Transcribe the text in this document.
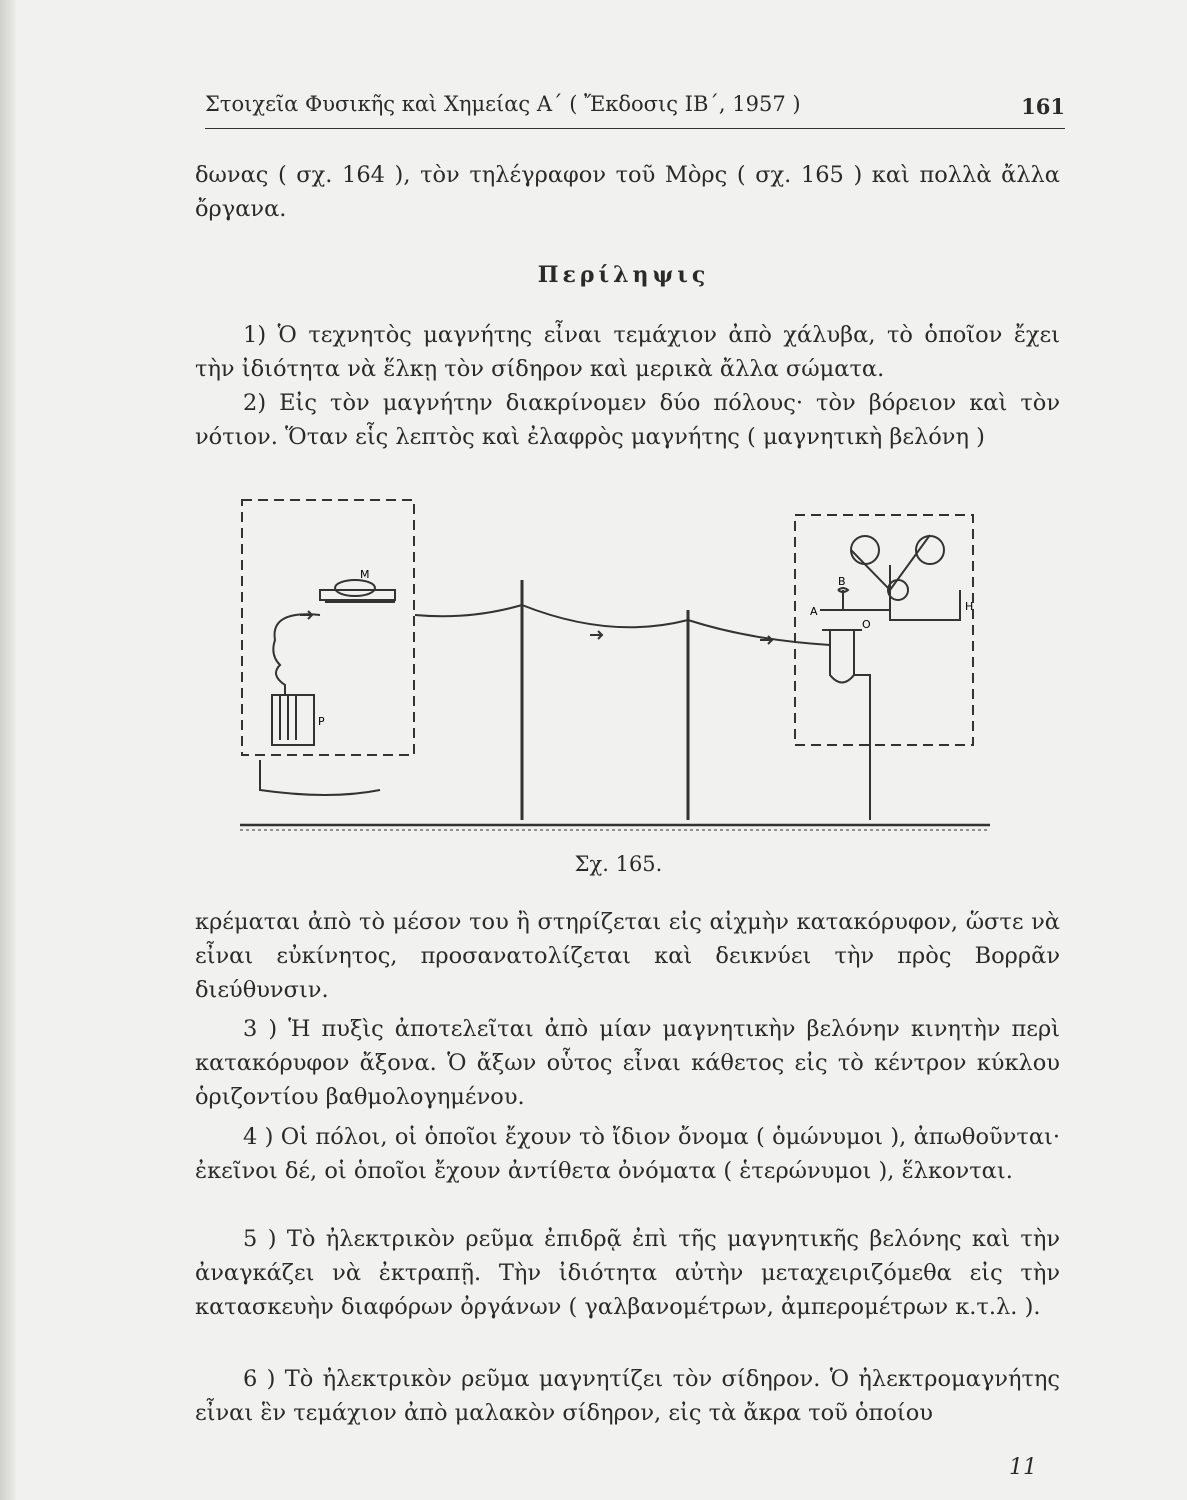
Στοιχεῖα Φυσικῆς καὶ Χημείας Α΄ ( Ἔκδοσις ΙΒ΄, 1957 )	161
δωνας ( σχ. 164 ), τὸν τηλέγραφον τοῦ Μὸρς ( σχ. 165 ) καὶ πολλὰ ἄλλα ὄργανα.
Περίληψις
1) Ὁ τεχνητὸς μαγνήτης εἶναι τεμάχιον ἀπὸ χάλυβα, τὸ ὁποῖον ἔχει τὴν ἰδιότητα νὰ ἕλκῃ τὸν σίδηρον καὶ μερικὰ ἄλλα σώματα.
2) Εἰς τὸν μαγνήτην διακρίνομεν δύο πόλους· τὸν βόρειον καὶ τὸν νότιον. Ὅταν εἷς λεπτὸς καὶ ἐλαφρὸς μαγνήτης ( μαγνητικὴ βελόνη )
M
P
B
A
O
H
Σχ. 165.
κρέμαται ἀπὸ τὸ μέσον του ἢ στηρίζεται εἰς αἰχμὴν κατακόρυφον, ὥστε νὰ εἶναι εὐκίνητος, προσανατολίζεται καὶ δεικνύει τὴν πρὸς Βορρᾶν διεύθυνσιν.
3 ) Ἡ πυξὶς ἀποτελεῖται ἀπὸ μίαν μαγνητικὴν βελόνην κινητὴν περὶ κατακόρυφον ἄξονα. Ὁ ἄξων οὗτος εἶναι κάθετος εἰς τὸ κέντρον κύκλου ὁριζοντίου βαθμολογημένου.
4 ) Οἱ πόλοι, οἱ ὁποῖοι ἔχουν τὸ ἴδιον ὄνομα ( ὁμώνυμοι ), ἀπωθοῦνται· ἐκεῖνοι δέ, οἱ ὁποῖοι ἔχουν ἀντίθετα ὀνόματα ( ἑτερώνυμοι ), ἕλκονται.
5 ) Τὸ ἠλεκτρικὸν ρεῦμα ἐπιδρᾷ ἐπὶ τῆς μαγνητικῆς βελόνης καὶ τὴν ἀναγκάζει νὰ ἐκτραπῇ. Τὴν ἰδιότητα αὐτὴν μεταχειριζόμεθα εἰς τὴν κατασκευὴν διαφόρων ὀργάνων ( γαλβανομέτρων, ἀμπερομέτρων κ.τ.λ. ).
6 ) Τὸ ἠλεκτρικὸν ρεῦμα μαγνητίζει τὸν σίδηρον. Ὁ ἠλεκτρομαγνήτης εἶναι ἓν τεμάχιον ἀπὸ μαλακὸν σίδηρον, εἰς τὰ ἄκρα τοῦ ὁποίου
11
